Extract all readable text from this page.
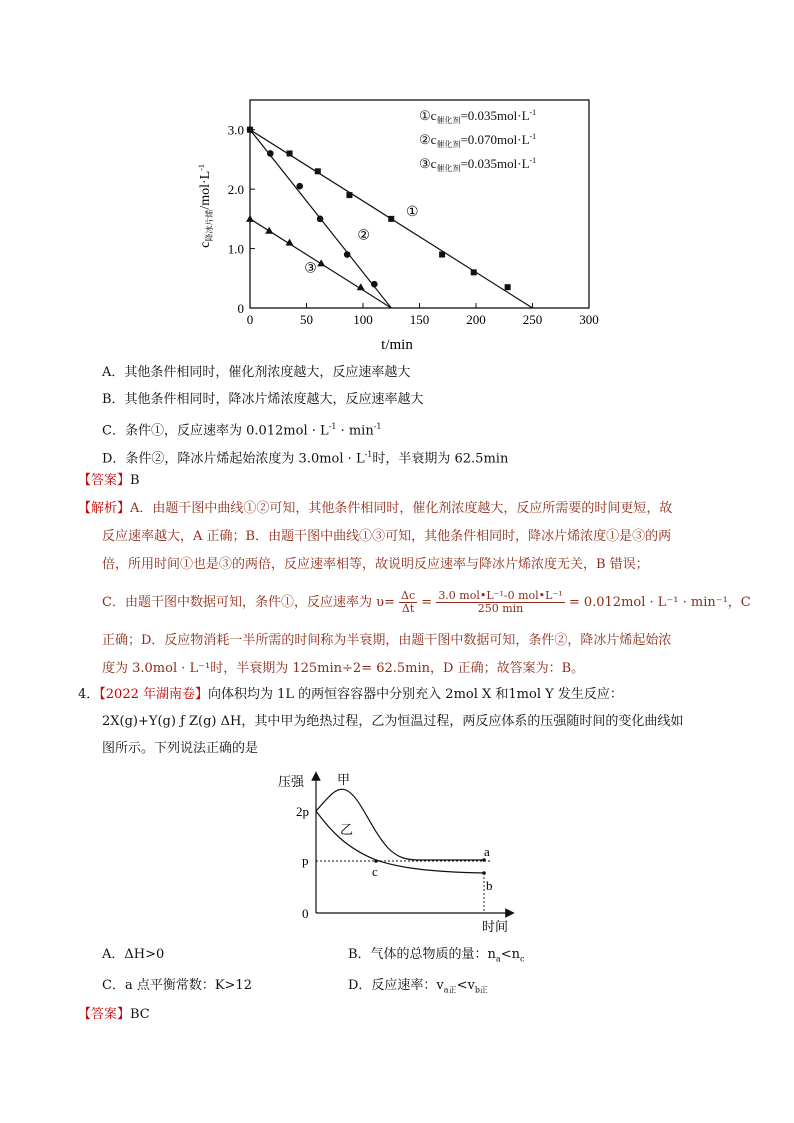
0	50	100	150	200	250	300
0
1.0
2.0
3.0
①
②
③
$①c_{催化剂}=0.035mol\cdot L^{-1}$
$②c_{催化剂}=0.070mol\cdot L^{-1}$
$③c_{催化剂}=0.035mol\cdot L^{-1}$
t/min
$c_{降冰片烯}/mol\cdot L^{-1}$
A．其他条件相同时，催化剂浓度越大，反应速率越大
B．其他条件相同时，降冰片烯浓度越大，反应速率越大
C．条件①，反应速率为 $0.012mol \cdot L^{-1} \cdot \min^{-1}$
D．条件②，降冰片烯起始浓度为 $3.0mol \cdot L^{-1}$时，半衰期为 62.5min
【答案】B
【解析】A．由题干图中曲线①②可知，其他条件相同时，催化剂浓度越大，反应所需要的时间更短，故
反应速率越大，A 正确；B．由题干图中曲线①③可知，其他条件相同时，降冰片烯浓度①是③的两
倍，所用时间①也是③的两倍，反应速率相等，故说明反应速率与降冰片烯浓度无关，B 错误；
C．由题干图中数据可知，条件①，反应速率为 $\upsilon= \frac{\Delta c}{\Delta t} = \frac{\text{3.0 mol•L⁻¹-0 mol•L⁻¹}}{250 \min} = 0.012mol \cdot L^{-1} \cdot \min^{-1}$，C
正确；D．反应物消耗一半所需的时间称为半衰期，由题干图中数据可知，条件②，降冰片烯起始浓
度为 3.0mol · L⁻¹时，半衰期为 125min÷2= 62.5min，D 正确；故答案为：B。
4．【2022 年湖南卷】向体积均为 1L 的两恒容容器中分别充入 2mol X 和1mol Y 发生反应：
2X(g)+Y(g) ƒ Z(g) ΔH，其中甲为绝热过程，乙为恒温过程，两反应体系的压强随时间的变化曲线如
图所示。下列说法正确的是
压强
时间
2p
p
0
甲
乙
a
b
c
A．ΔH>0	B．气体的总物质的量：$n_a<n_c$
C．a 点平衡常数：K>12	D．反应速率：$v_{a正}<v_{b正}$
【答案】BC
